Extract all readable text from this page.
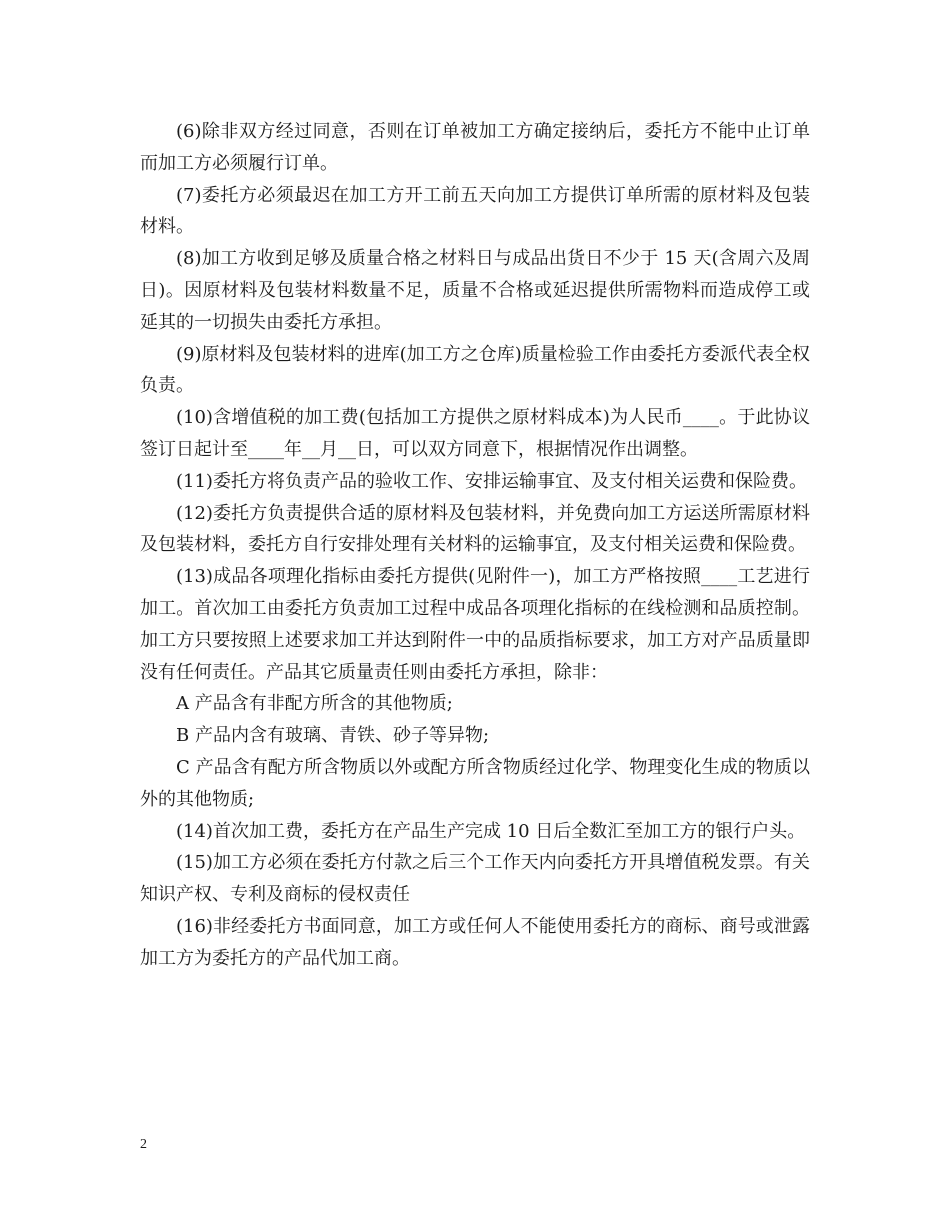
(6)除非双方经过同意，否则在订单被加工方确定接纳后，委托方不能中止订单而加工方必须履行订单。

(7)委托方必须最迟在加工方开工前五天向加工方提供订单所需的原材料及包装材料。

(8)加工方收到足够及质量合格之材料日与成品出货日不少于 15 天(含周六及周日)。因原材料及包装材料数量不足，质量不合格或延迟提供所需物料而造成停工或延其的一切损失由委托方承担。

(9)原材料及包装材料的进库(加工方之仓库)质量检验工作由委托方委派代表全权负责。

(10)含增值税的加工费(包括加工方提供之原材料成本)为人民币____。于此协议签订日起计至____年__月__日，可以双方同意下，根据情况作出调整。

(11)委托方将负责产品的验收工作、安排运输事宜、及支付相关运费和保险费。

(12)委托方负责提供合适的原材料及包装材料，并免费向加工方运送所需原材料及包装材料，委托方自行安排处理有关材料的运输事宜，及支付相关运费和保险费。

(13)成品各项理化指标由委托方提供(见附件一)，加工方严格按照____工艺进行加工。首次加工由委托方负责加工过程中成品各项理化指标的在线检测和品质控制。加工方只要按照上述要求加工并达到附件一中的品质指标要求，加工方对产品质量即没有任何责任。产品其它质量责任则由委托方承担，除非：

A 产品含有非配方所含的其他物质;

B 产品内含有玻璃、青铁、砂子等异物;

C 产品含有配方所含物质以外或配方所含物质经过化学、物理变化生成的物质以外的其他物质;

(14)首次加工费，委托方在产品生产完成 10 日后全数汇至加工方的银行户头。

(15)加工方必须在委托方付款之后三个工作天内向委托方开具增值税发票。有关知识产权、专利及商标的侵权责任

(16)非经委托方书面同意，加工方或任何人不能使用委托方的商标、商号或泄露加工方为委托方的产品代加工商。

2
